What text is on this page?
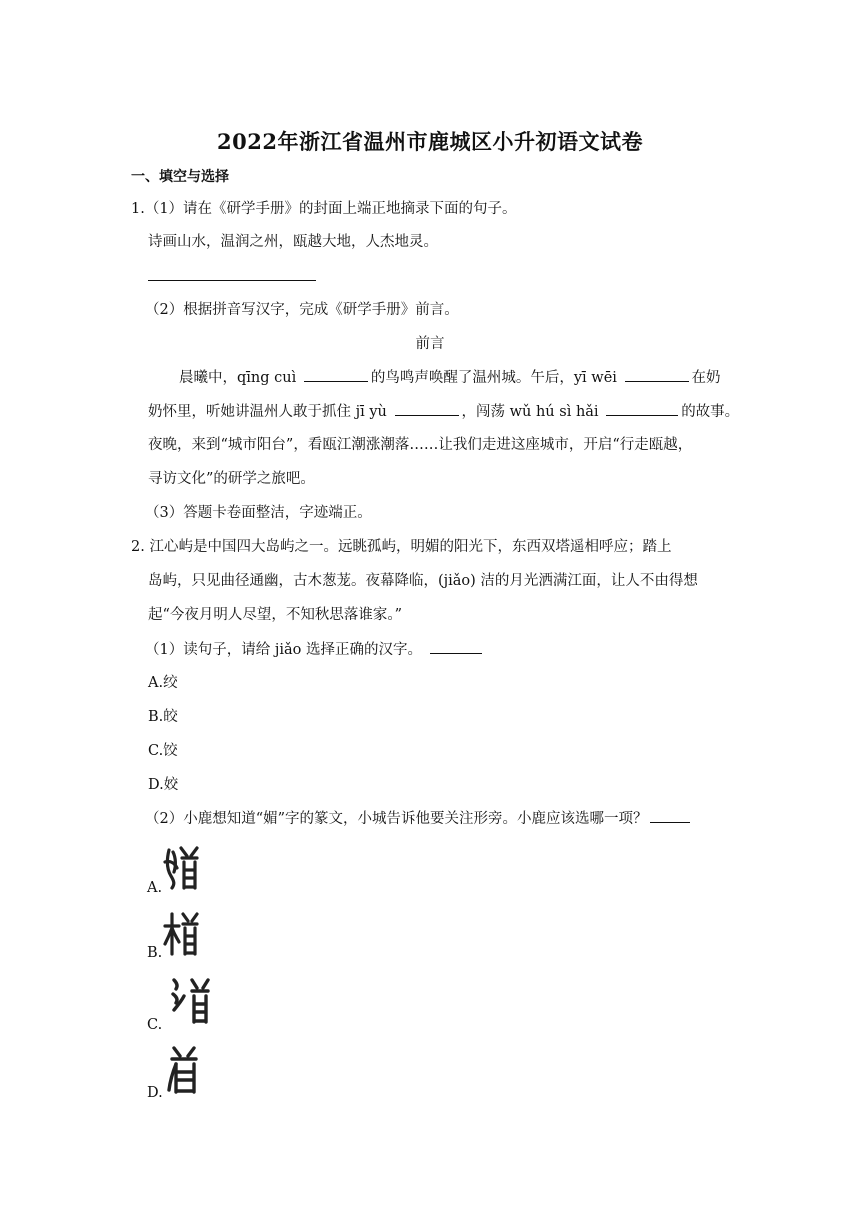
2022年浙江省温州市鹿城区小升初语文试卷
一、填空与选择
1.（1）请在《研学手册》的封面上端正地摘录下面的句子。
诗画山水，温润之州，瓯越大地，人杰地灵。
（2）根据拼音写汉字，完成《研学手册》前言。
前言
晨曦中，qīng cuì	的鸟鸣声唤醒了温州城。午后，yī wēi	在奶
奶怀里，听她讲温州人敢于抓住 jī yù	，闯荡 wǔ hú sì hǎi	的故事。
夜晚，来到“城市阳台”，看瓯江潮涨潮落……让我们走进这座城市，开启“行走瓯越，
寻访文化”的研学之旅吧。
（3）答题卡卷面整洁，字迹端正。
2. 江心屿是中国四大岛屿之一。远眺孤屿，明媚的阳光下，东西双塔遥相呼应；踏上
岛屿，只见曲径通幽，古木葱茏。夜幕降临，(jiǎo) 洁的月光洒满江面，让人不由得想
起“今夜月明人尽望，不知秋思落谁家。”
（1）读句子，请给 jiǎo 选择正确的汉字。
A.绞
B.皎
C.饺
D.姣
（2）小鹿想知道“媚”字的篆文，小城告诉他要关注形旁。小鹿应该选哪一项？
A.
B.
C.
D.
